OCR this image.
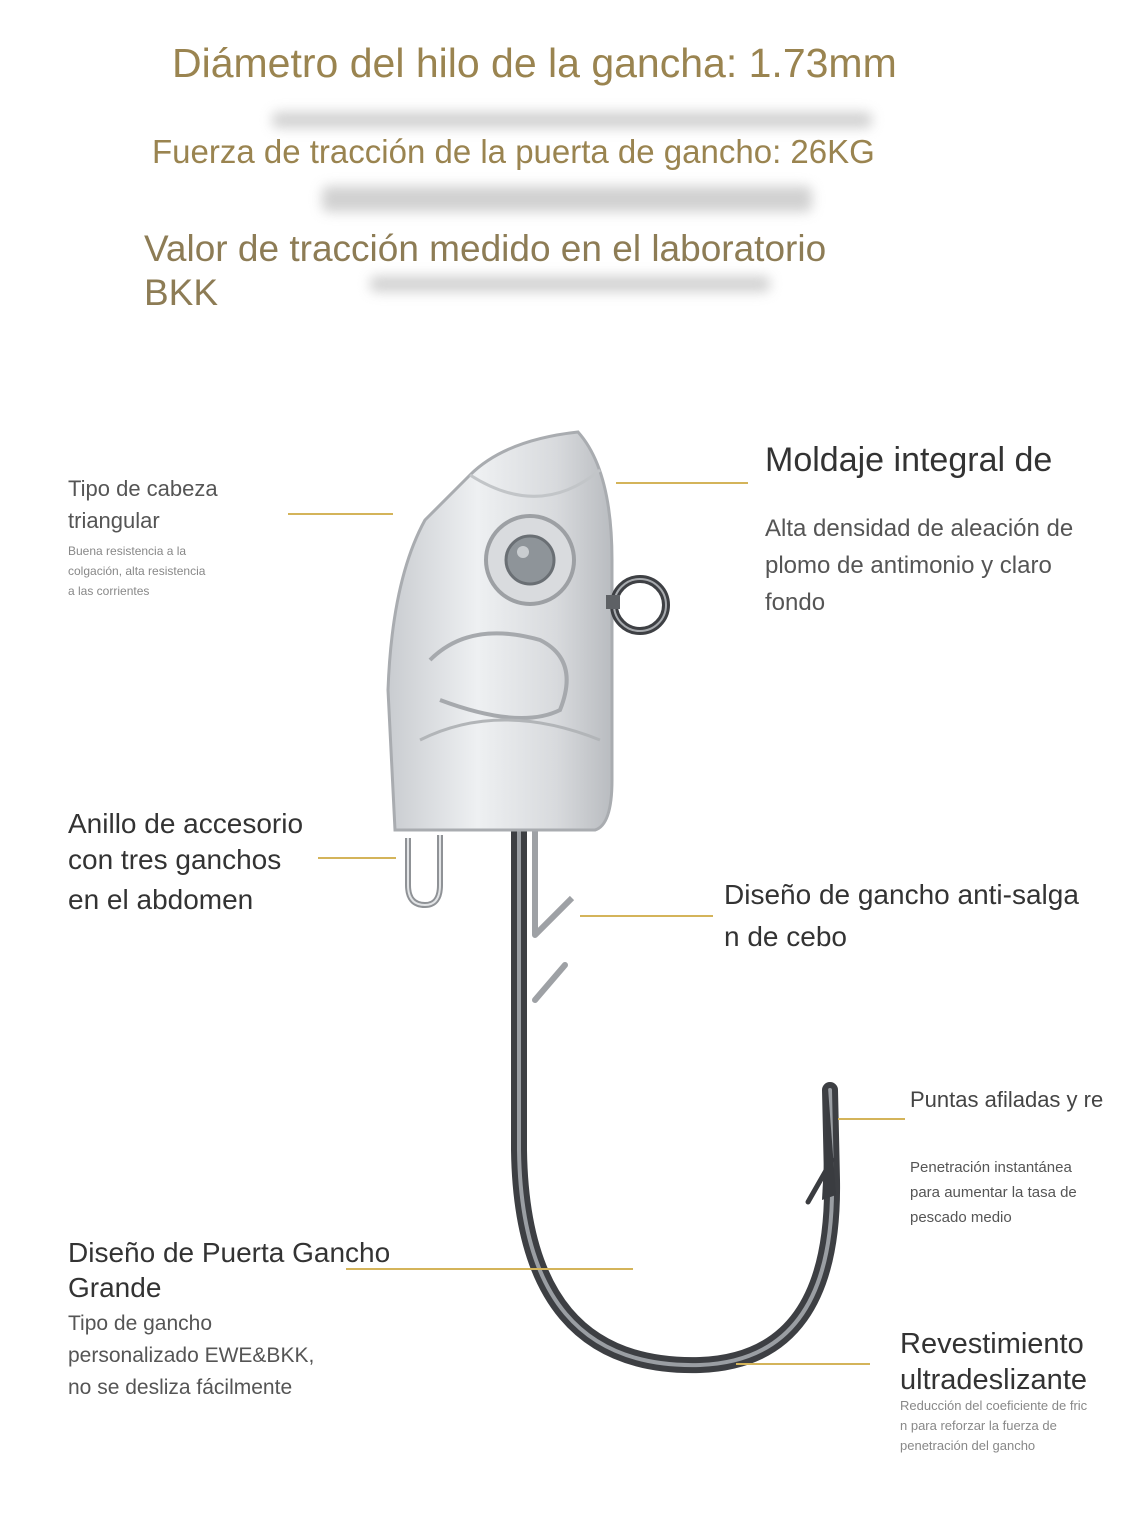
Diámetro del hilo de la gancha: 1.73mm
Fuerza de tracción de la puerta de gancho: 26KG
Valor de tracción medido en el laboratorio
BKK
Tipo de cabeza
triangular
Buena resistencia a la
colgación, alta resistencia
a las corrientes
Moldaje integral de
Alta densidad de aleación de
plomo de antimonio y claro
fondo
Anillo de accesorio
con tres ganchos
en el abdomen	Diseño de gancho anti-salga
n de cebo
Puntas afiladas y re
Penetración instantánea
para aumentar la tasa de
pescado medio
Diseño de Puerta Gancho
Grande
Tipo de gancho
personalizado EWE&BKK,
no se desliza fácilmente
Revestimiento
ultradeslizante
Reducción del coeficiente de fric
n para reforzar la fuerza de
penetración del gancho
